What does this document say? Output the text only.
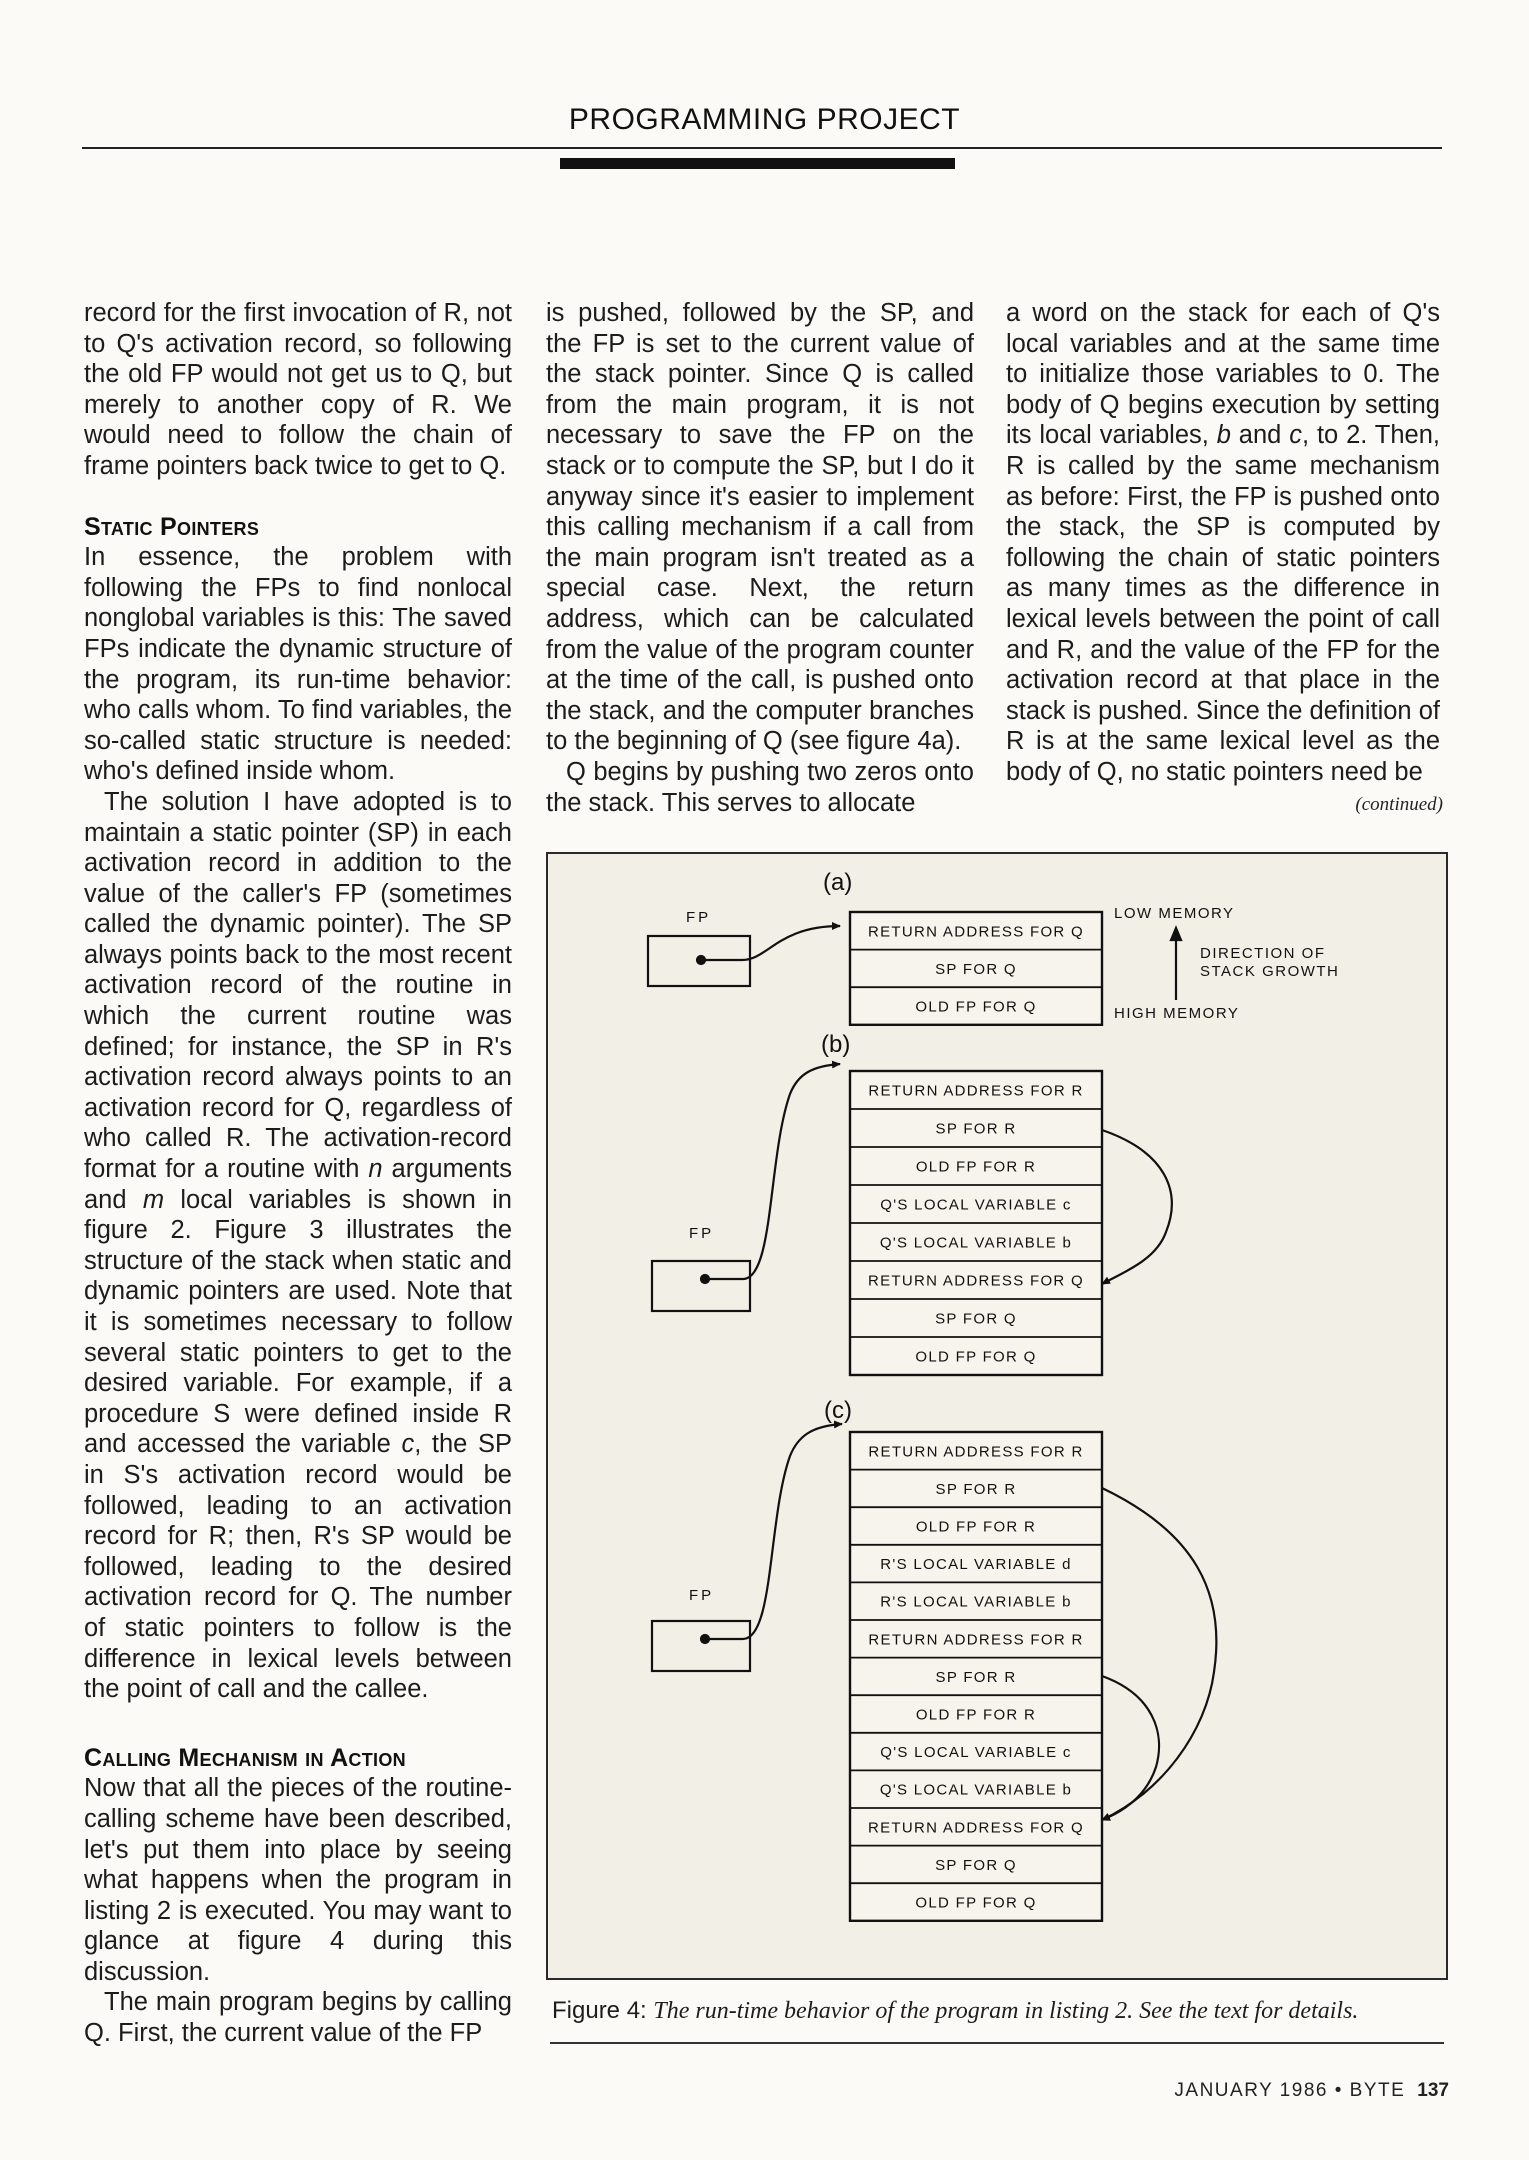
PROGRAMMING PROJECT

record for the first invocation of R, not to Q's activation record, so following the old FP would not get us to Q, but merely to another copy of R. We would need to follow the chain of frame pointers back twice to get to Q.

Static Pointers

In essence, the problem with following the FPs to find nonlocal nonglobal variables is this: The saved FPs indicate the dynamic structure of the program, its run-time behavior: who calls whom. To find variables, the so-called static structure is needed: who's defined inside whom.

The solution I have adopted is to maintain a static pointer (SP) in each activation record in addition to the value of the caller's FP (sometimes called the dynamic pointer). The SP always points back to the most recent activation record of the routine in which the current routine was defined; for instance, the SP in R's activation record always points to an activation record for Q, regardless of who called R. The activation-record format for a routine with n arguments and m local variables is shown in figure 2. Figure 3 illustrates the structure of the stack when static and dynamic pointers are used. Note that it is sometimes necessary to follow several static pointers to get to the desired variable. For example, if a procedure S were defined inside R and accessed the variable c, the SP in S's activation record would be followed, leading to an activation record for R; then, R's SP would be followed, leading to the desired activation record for Q. The number of static pointers to follow is the difference in lexical levels between the point of call and the callee.

Calling Mechanism in Action

Now that all the pieces of the routine-calling scheme have been described, let's put them into place by seeing what happens when the program in listing 2 is executed. You may want to glance at figure 4 during this discussion.

The main program begins by calling Q. First, the current value of the FP

is pushed, followed by the SP, and the FP is set to the current value of the stack pointer. Since Q is called from the main program, it is not necessary to save the FP on the stack or to compute the SP, but I do it anyway since it's easier to implement this calling mechanism if a call from the main program isn't treated as a special case. Next, the return address, which can be calculated from the value of the program counter at the time of the call, is pushed onto the stack, and the computer branches to the beginning of Q (see figure 4a).

Q begins by pushing two zeros onto the stack. This serves to allocate

a word on the stack for each of Q's local variables and at the same time to initialize those variables to 0. The body of Q begins execution by setting its local variables, b and c, to 2. Then, R is called by the same mechanism as before: First, the FP is pushed onto the stack, the SP is computed by following the chain of static pointers as many times as the difference in lexical levels between the point of call and R, and the value of the FP for the activation record at that place in the stack is pushed. Since the definition of R is at the same lexical level as the body of Q, no static pointers need be

(continued)
RETURN ADDRESS FOR Q
SP FOR Q
OLD FP FOR Q
RETURN ADDRESS FOR R
SP FOR R
OLD FP FOR R
Q'S LOCAL VARIABLE c
Q'S LOCAL VARIABLE b
RETURN ADDRESS FOR Q
SP FOR Q
OLD FP FOR Q
RETURN ADDRESS FOR R
SP FOR R
OLD FP FOR R
R'S LOCAL VARIABLE d
R'S LOCAL VARIABLE b
RETURN ADDRESS FOR R
SP FOR R
OLD FP FOR R
Q'S LOCAL VARIABLE c
Q'S LOCAL VARIABLE b
RETURN ADDRESS FOR Q
SP FOR Q
OLD FP FOR Q
(a)
(b)
(c)
FP
FP
FP
LOW MEMORY
HIGH MEMORY
DIRECTION OF
STACK GROWTH
Figure 4: The run-time behavior of the program in listing 2. See the text for details.
JANUARY 1986 • BYTE 137
